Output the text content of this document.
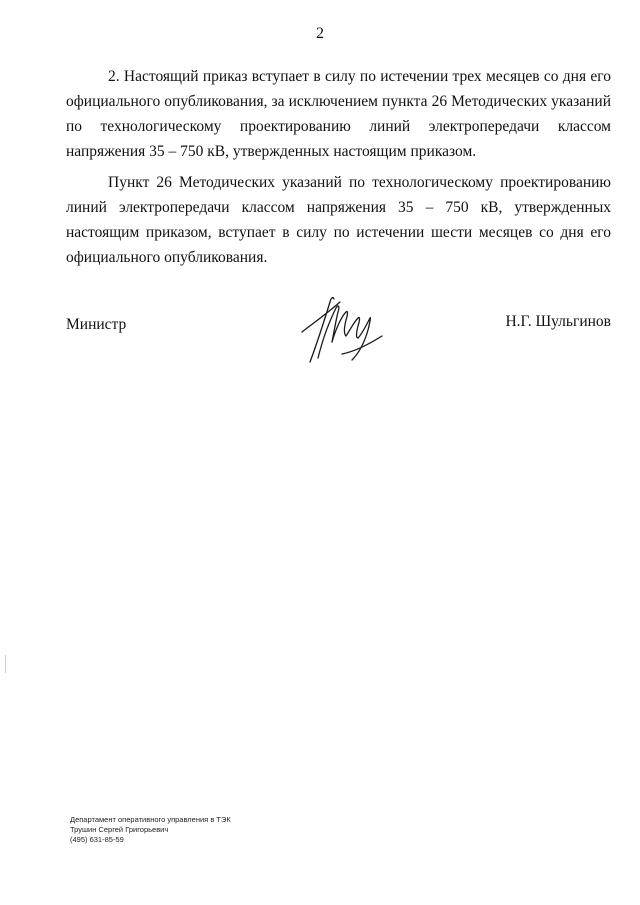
2

2. Настоящий приказ вступает в силу по истечении трех месяцев со дня его официального опубликования, за исключением пункта 26 Методических указаний по технологическому проектированию линий электропередачи классом напряжения 35 – 750 кВ, утвержденных настоящим приказом.

Пункт 26 Методических указаний по технологическому проектированию линий электропередачи классом напряжения 35 – 750 кВ, утвержденных настоящим приказом, вступает в силу по истечении шести месяцев со дня его официального опубликования.

Министр	Н.Г. Шульгинов
Департамент оперативного управления в ТЭК
Трушин Сергей Григорьевич
(495) 631-85-59
